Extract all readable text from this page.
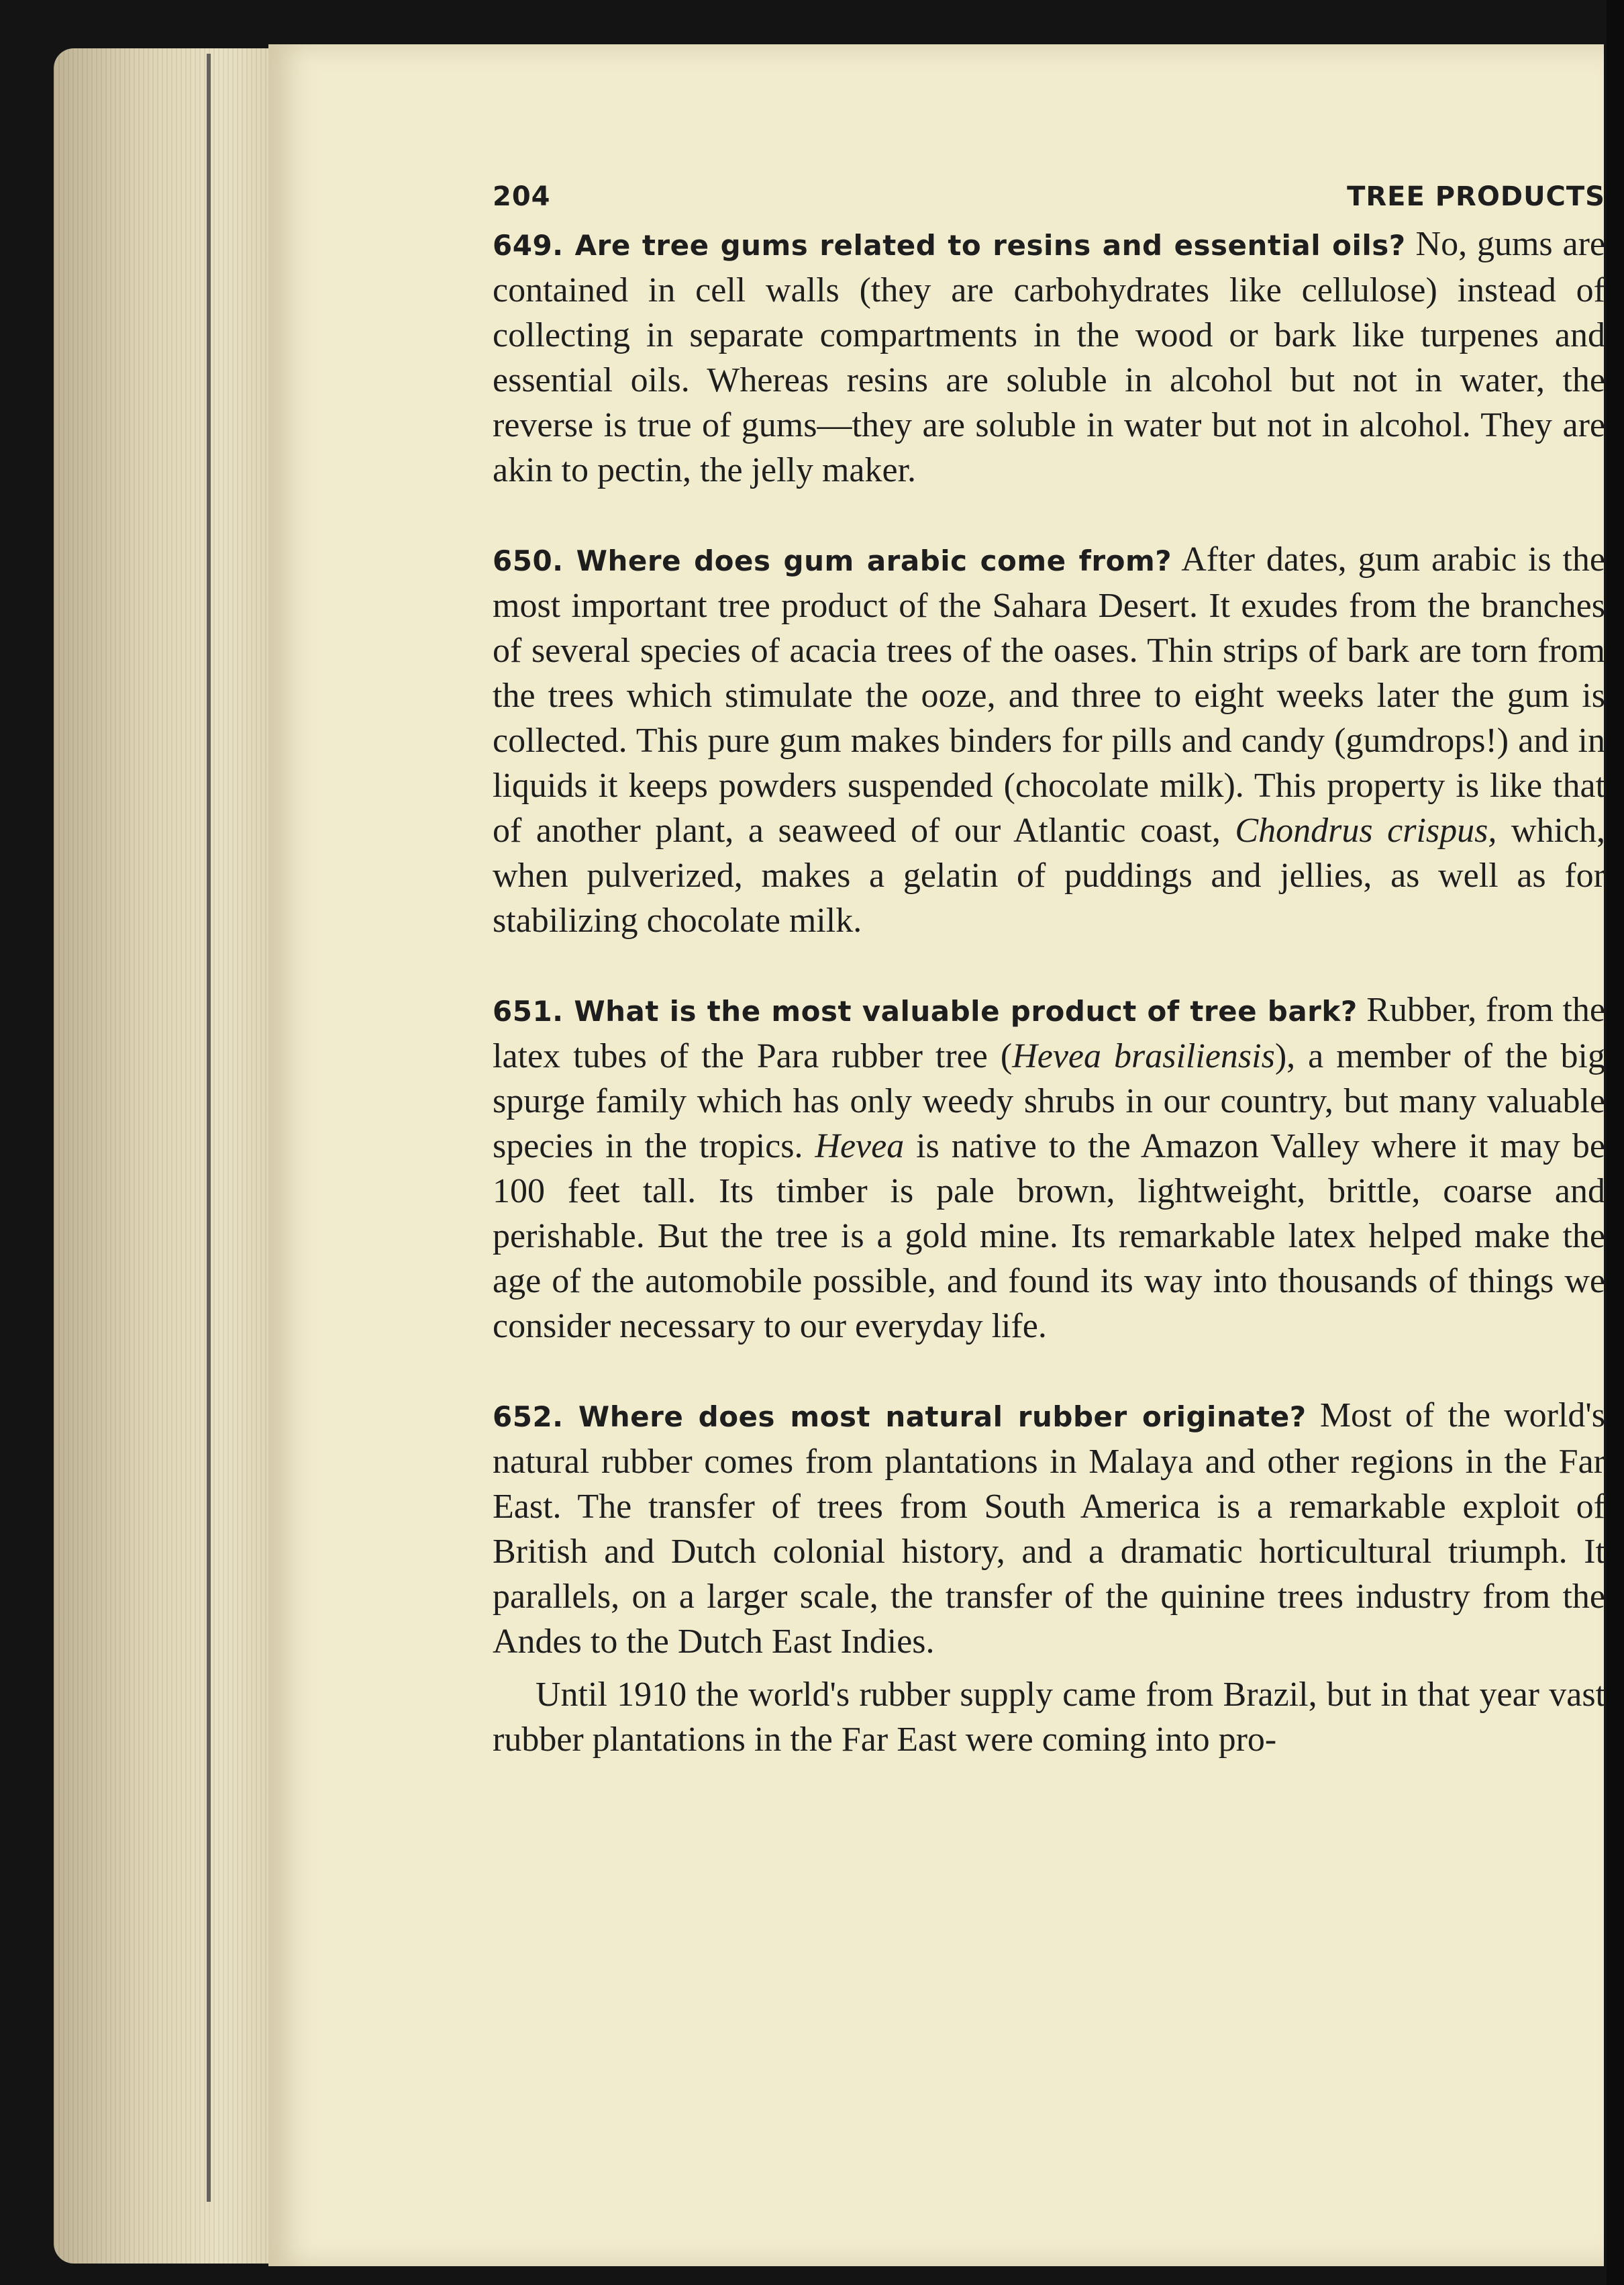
204	TREE PRODUCTS

649. Are tree gums related to resins and essential oils? No, gums are contained in cell walls (they are carbohydrates like cellulose) instead of collecting in separate compartments in the wood or bark like turpenes and essential oils. Whereas resins are soluble in alcohol but not in water, the reverse is true of gums—they are soluble in water but not in alcohol. They are akin to pectin, the jelly maker.

650. Where does gum arabic come from? After dates, gum arabic is the most important tree product of the Sahara Desert. It exudes from the branches of several species of acacia trees of the oases. Thin strips of bark are torn from the trees which stimulate the ooze, and three to eight weeks later the gum is collected. This pure gum makes binders for pills and candy (gumdrops!) and in liquids it keeps powders suspended (chocolate milk). This property is like that of another plant, a seaweed of our Atlantic coast, Chondrus crispus, which, when pulverized, makes a gelatin of puddings and jellies, as well as for stabilizing chocolate milk.

651. What is the most valuable product of tree bark? Rubber, from the latex tubes of the Para rubber tree (Hevea brasiliensis), a member of the big spurge family which has only weedy shrubs in our country, but many valuable species in the tropics. Hevea is native to the Amazon Valley where it may be 100 feet tall. Its timber is pale brown, lightweight, brittle, coarse and perishable. But the tree is a gold mine. Its remarkable latex helped make the age of the automobile possible, and found its way into thousands of things we consider necessary to our everyday life.

652. Where does most natural rubber originate? Most of the world's natural rubber comes from plantations in Malaya and other regions in the Far East. The transfer of trees from South America is a remarkable exploit of British and Dutch colonial history, and a dramatic horticultural triumph. It parallels, on a larger scale, the transfer of the quinine trees industry from the Andes to the Dutch East Indies.

Until 1910 the world's rubber supply came from Brazil, but in that year vast rubber plantations in the Far East were coming into pro-
